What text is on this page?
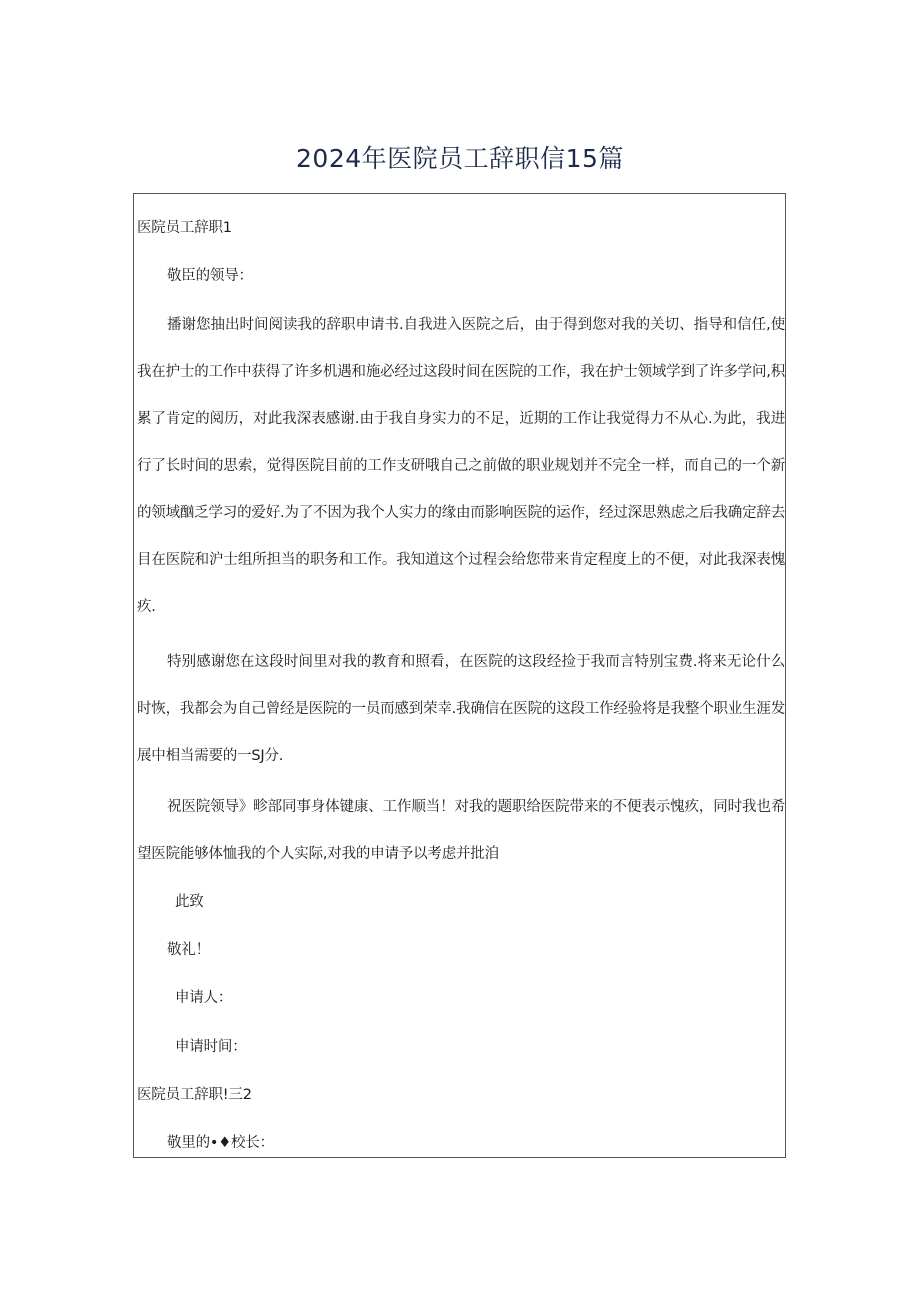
2024年医院员工辞职信15篇

医院员工辞职1

敬臣的领导：

播谢您抽出时间阅读我的辞职申请书.自我进入医院之后，由于得到您对我的关切、指导和信任,使我在护士的工作中获得了许多机遇和施必经过这段时间在医院的工作，我在护士领域学到了许多学问,积累了肯定的阅历，对此我深表感谢.由于我自身实力的不足，近期的工作让我觉得力不从心.为此，我进行了长时间的思索，觉得医院目前的工作支研哦自己之前做的职业规划并不完全一样，而自己的一个新的领域酗乏学习的爱好.为了不因为我个人实力的缘由而影响医院的运作，经过深思熟虑之后我确定辞去目在医院和沪士组所担当的职务和工作。我知道这个过程会给您带来肯定程度上的不便，对此我深表愧疚.

特别感谢您在这段时间里对我的教育和照看，在医院的这段经捡于我而言特别宝费.将来无论什么时恢，我都会为自己曾经是医院的一员而感到荣幸.我确信在医院的这段工作经验将是我整个职业生涯发展中相当需要的一SJ分.

祝医院领导》畛部同事身体键康、工作顺当！对我的题职给医院带来的不便表示愧疚，同时我也希望医院能够体恤我的个人实际,对我的申请予以考虑并批洎

此致

敬礼！

申请人：

申请时间：

医院员工辞职!三2

敬里的•♦校长：
